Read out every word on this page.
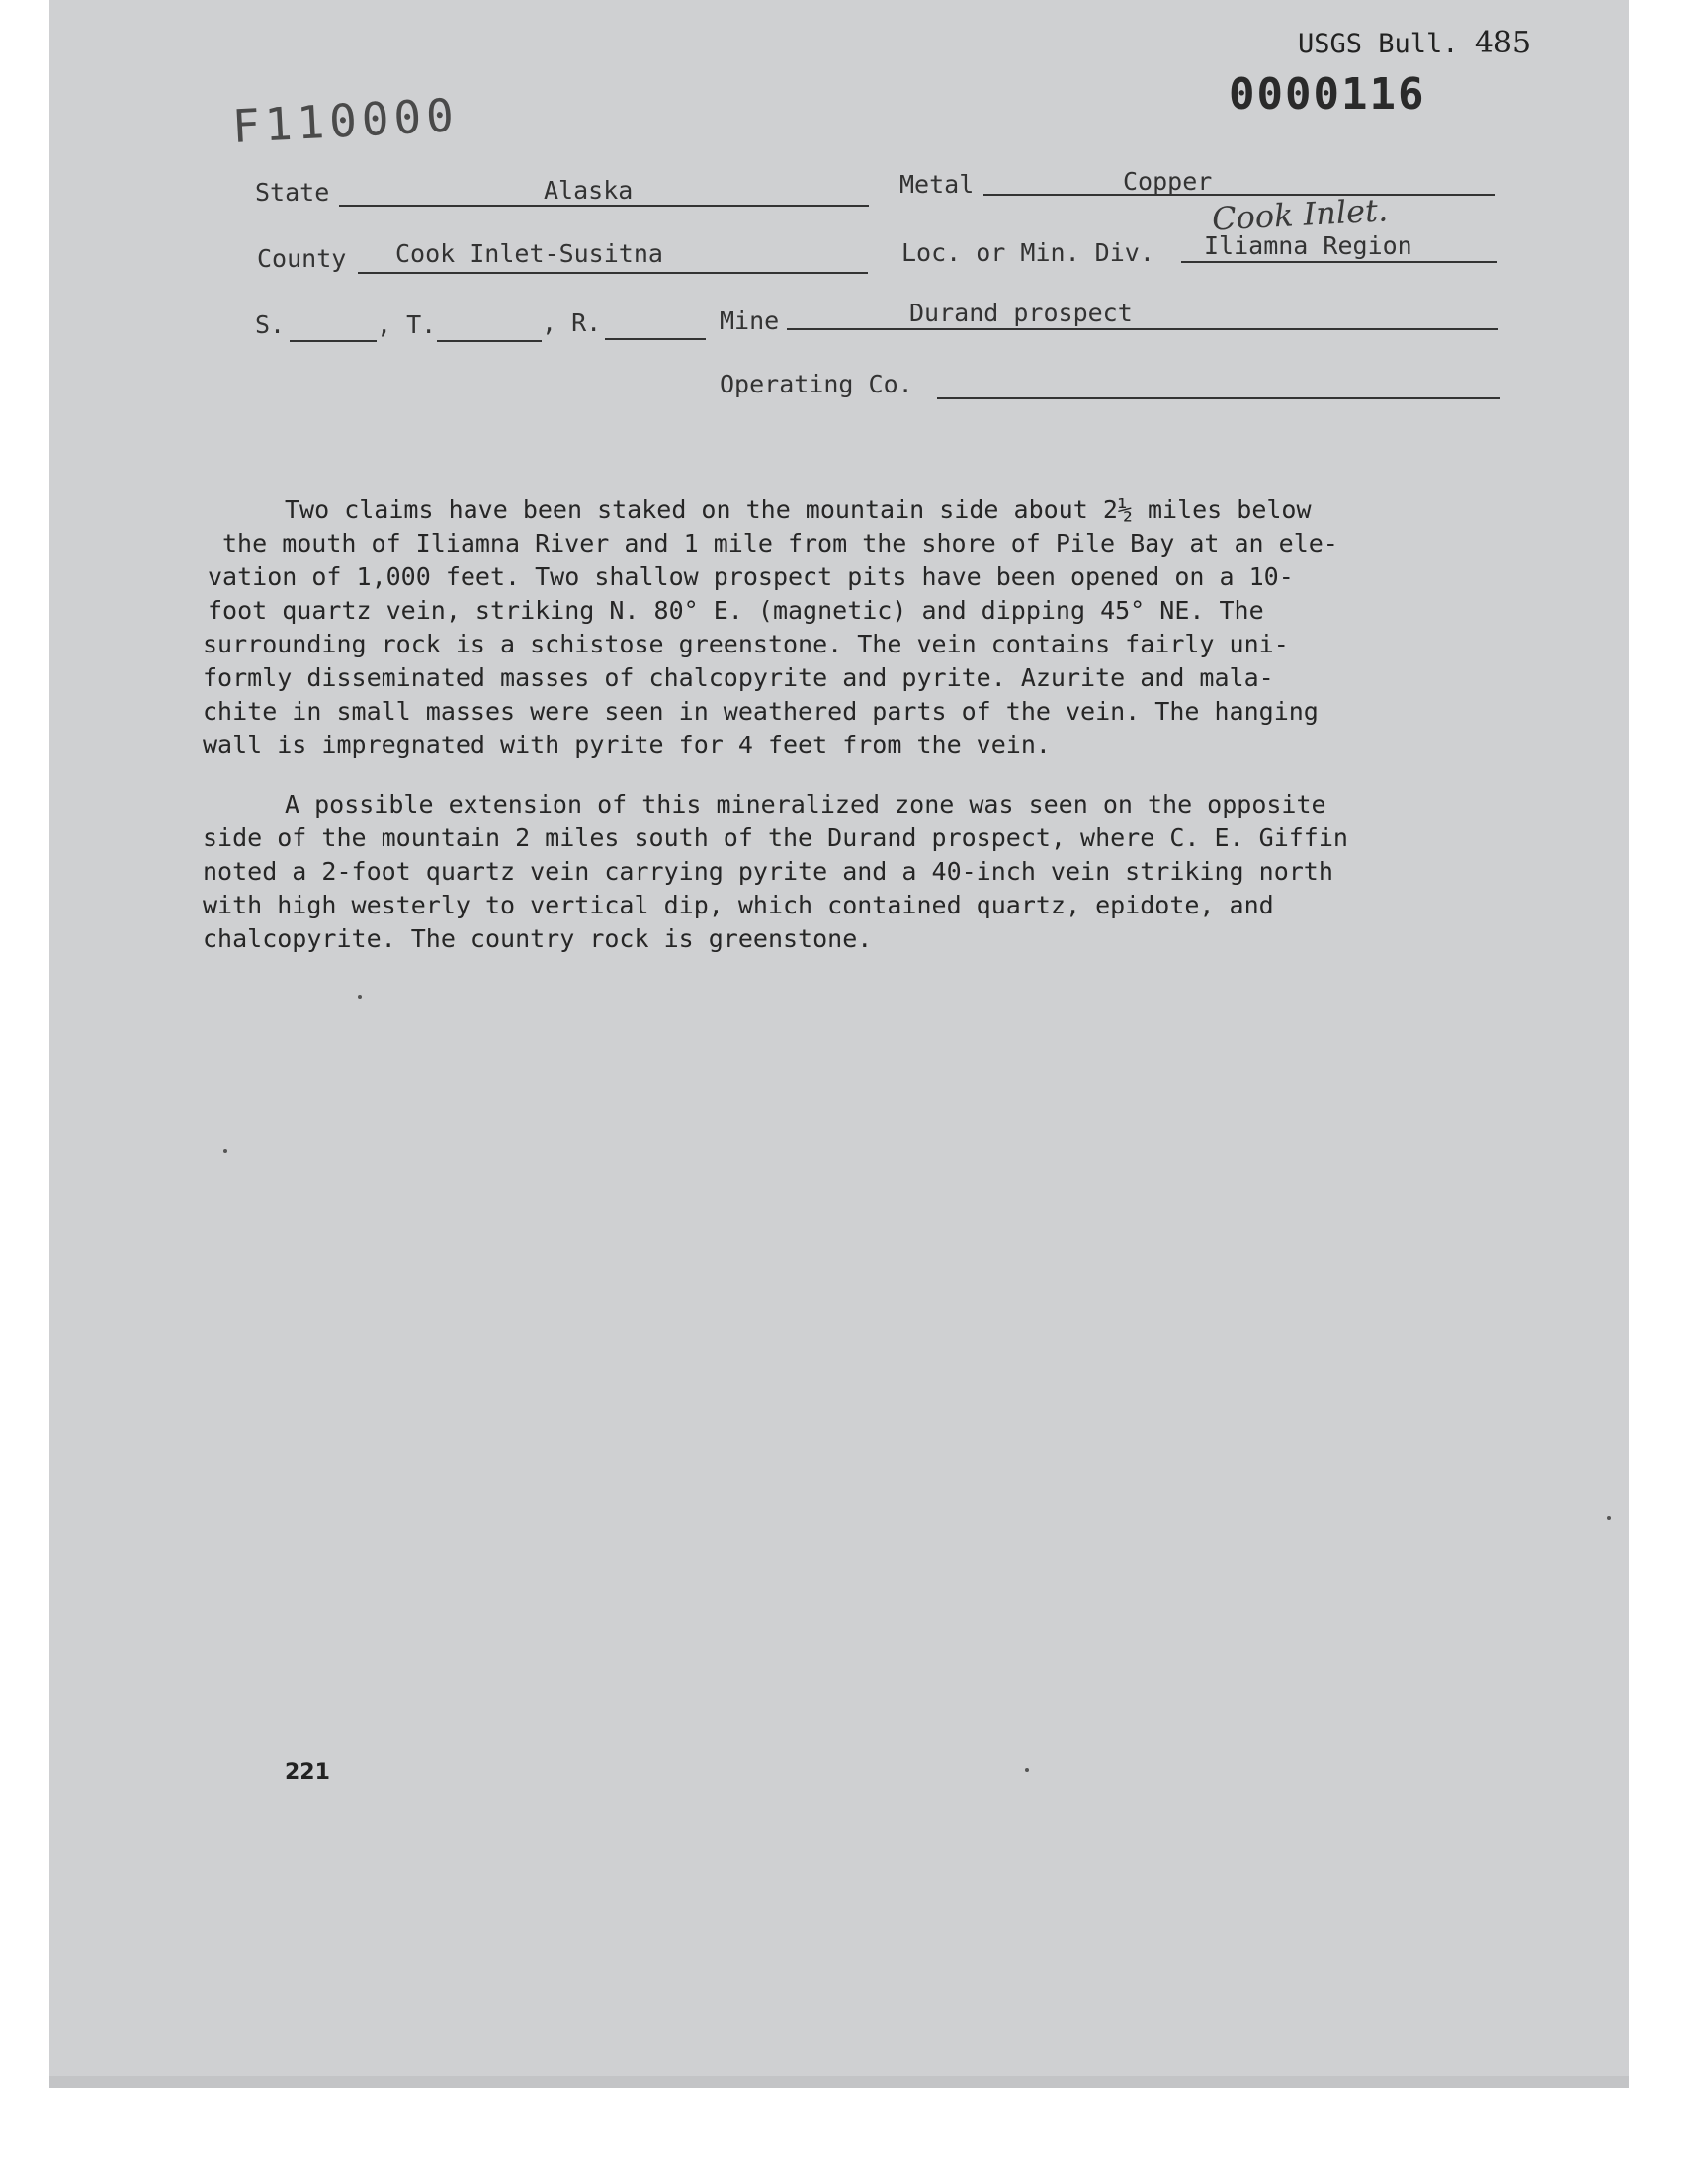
USGS Bull. 485
F110000	0000116
State	Alaska	Metal	Copper
Cook Inlet.
County Cook Inlet-Susitna	Loc. or Min. Div. Iliamna Region
S.	, T.	, R.	Mine	Durand prospect
Operating Co.
Two claims have been staked on the mountain side about 2½ miles below
the mouth of Iliamna River and 1 mile from the shore of Pile Bay at an ele-
vation of 1,000 feet. Two shallow prospect pits have been opened on a 10-
foot quartz vein, striking N. 80° E. (magnetic) and dipping 45° NE. The
surrounding rock is a schistose greenstone. The vein contains fairly uni-
formly disseminated masses of chalcopyrite and pyrite. Azurite and mala-
chite in small masses were seen in weathered parts of the vein. The hanging
wall is impregnated with pyrite for 4 feet from the vein.
A possible extension of this mineralized zone was seen on the opposite
side of the mountain 2 miles south of the Durand prospect, where C. E. Giffin
noted a 2-foot quartz vein carrying pyrite and a 40-inch vein striking north
with high westerly to vertical dip, which contained quartz, epidote, and
chalcopyrite. The country rock is greenstone.
221
